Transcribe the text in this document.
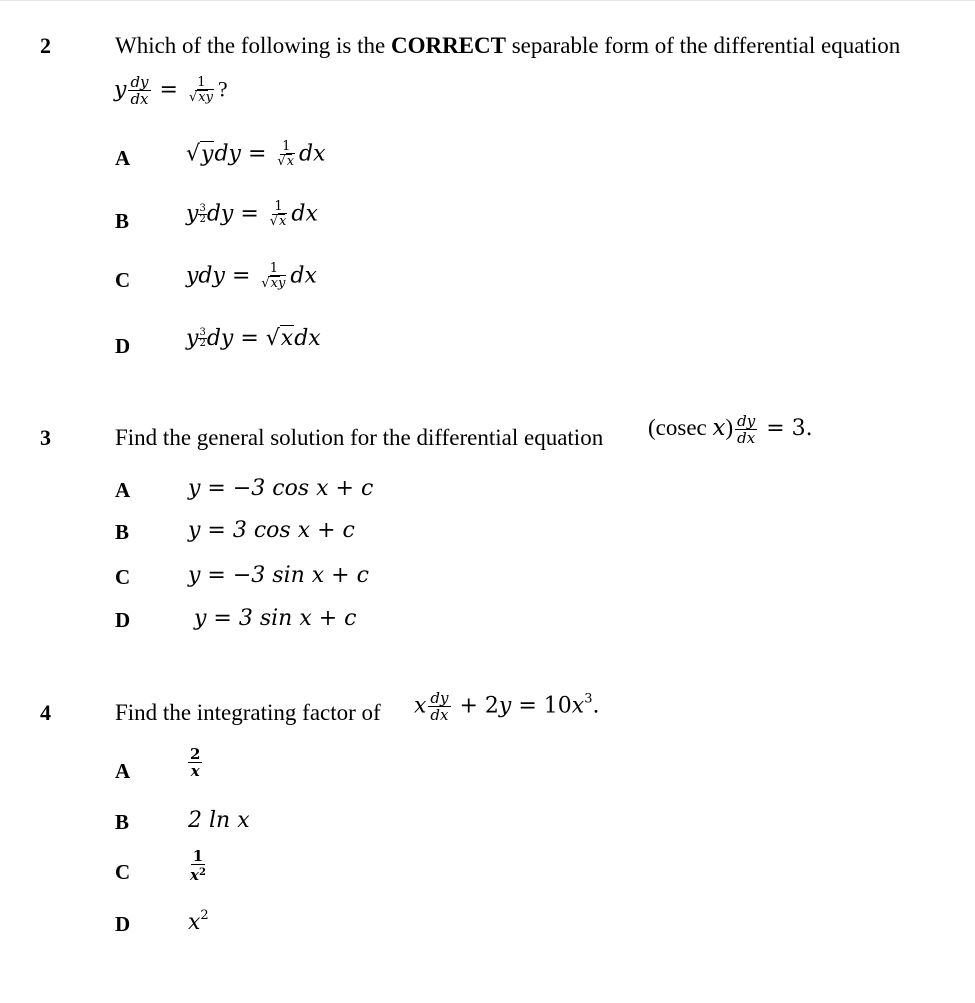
2	Which of the following is the CORRECT separable form of the differential equation
y $\frac{dy}{dx} = \frac{1}{√xy}$ ?
A	$√ydy = \frac{1}{√x}$ dx
B	y $\frac{3}{2}$ dy = $\frac{1}{√x}$ dx
C	ydy = $\frac{1}{√xy}$ dx
D	y $\frac{3}{2}$ dy = √xdx
3	Find the general solution for the differential equation (cosec $x) \frac{dy}{dx} = 3$.
A	y = −3 cos x + c
B	y = 3 cos x + c
C	y = −3 sin x + c
D	y = 3 sin x + c
4	Find the integrating factor of x $\frac{dy}{dx} + 2y = 10x^3$.
A	$\frac{2}{x}$
B	2 ln x
C	$\frac{1}{x^2}$
D	$x^2$
